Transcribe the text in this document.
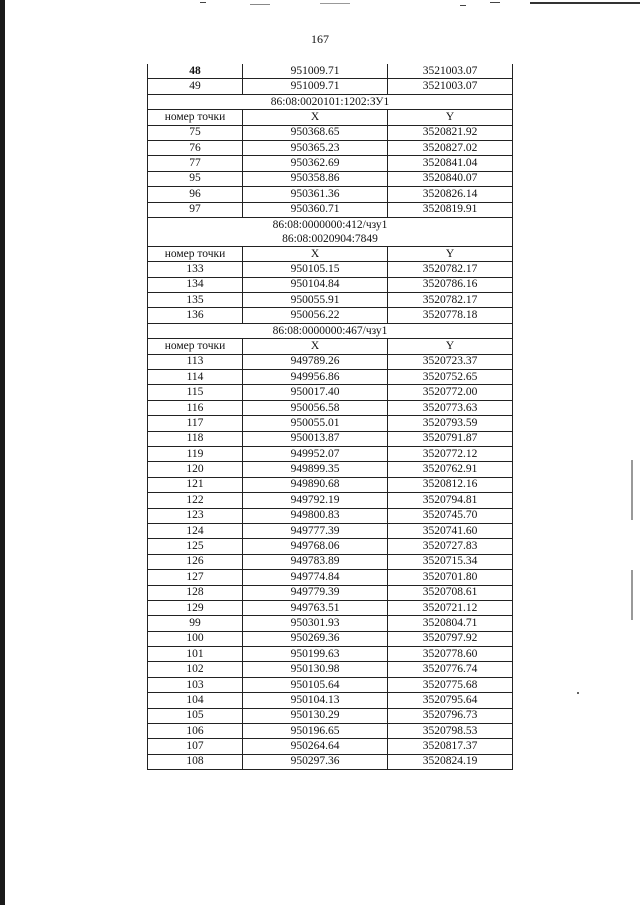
167
48	951009.71	3521003.07
49	951009.71	3521003.07

86:08:0020101:1202:ЗУ1		

номер точки	X	Y
75	950368.65	3520821.92
76	950365.23	3520827.02
77	950362.69	3520841.04
95	950358.86	3520840.07
96	950361.36	3520826.14
97	950360.71	3520819.91

86:08:0000000:412/чзу1
86:08:0020904:7849		

номер точки	X	Y
133	950105.15	3520782.17
134	950104.84	3520786.16
135	950055.91	3520782.17
136	950056.22	3520778.18

86:08:0000000:467/чзу1		

номер точки	X	Y
113	949789.26	3520723.37
114	949956.86	3520752.65
115	950017.40	3520772.00
116	950056.58	3520773.63
117	950055.01	3520793.59
118	950013.87	3520791.87
119	949952.07	3520772.12
120	949899.35	3520762.91
121	949890.68	3520812.16
122	949792.19	3520794.81
123	949800.83	3520745.70
124	949777.39	3520741.60
125	949768.06	3520727.83
126	949783.89	3520715.34
127	949774.84	3520701.80
128	949779.39	3520708.61
129	949763.51	3520721.12
99	950301.93	3520804.71
100	950269.36	3520797.92
101	950199.63	3520778.60
102	950130.98	3520776.74
103	950105.64	3520775.68
104	950104.13	3520795.64
105	950130.29	3520796.73
106	950196.65	3520798.53
107	950264.64	3520817.37
108	950297.36	3520824.19
